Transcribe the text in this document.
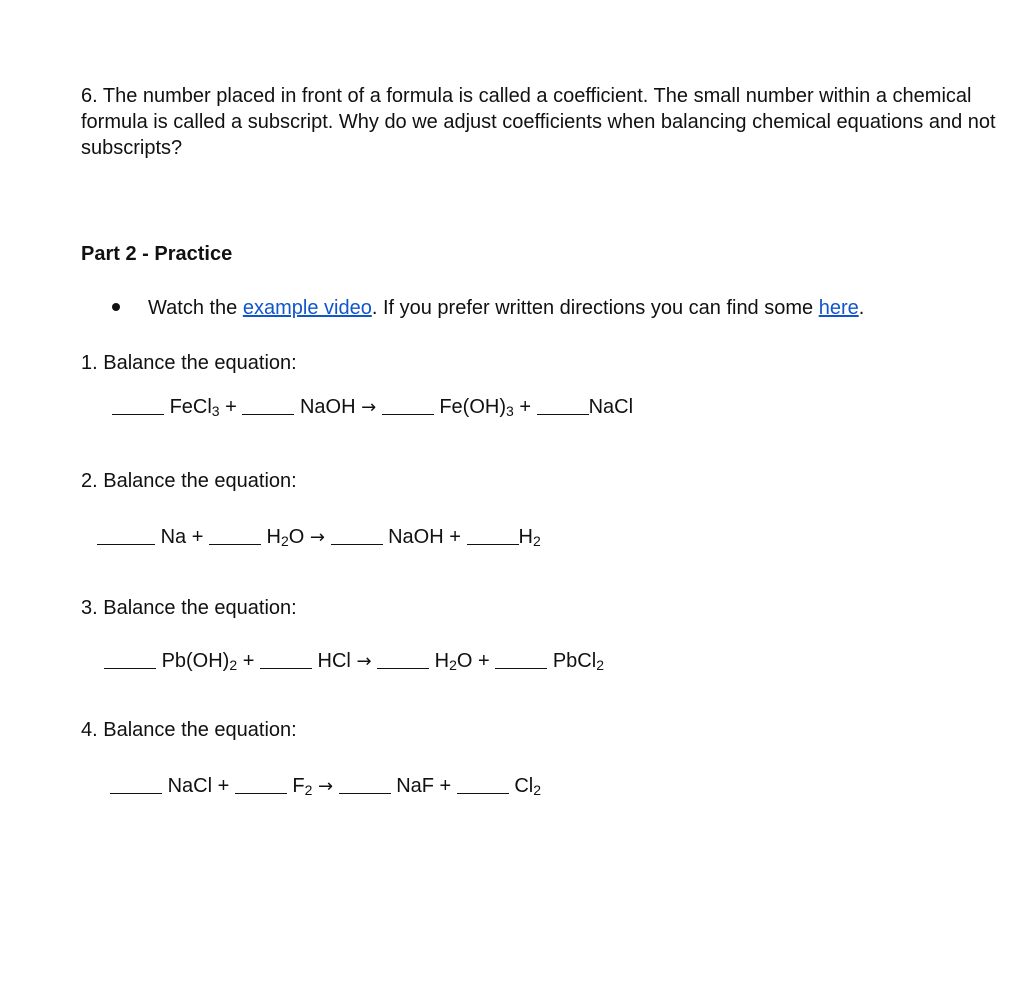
6. The number placed in front of a formula is called a coefficient. The small number within a chemical formula is called a subscript. Why do we adjust coefficients when balancing chemical equations and not subscripts?
Part 2 - Practice
Watch the example video. If you prefer written directions you can find some here.
1. Balance the equation:
FeCl$_3$ +	NaOH →	$Fe(OH)_3$ +	NaCl
2. Balance the equation:
Na +	$H_2O$ →	NaOH +	$H_2$
3. Balance the equation:
$Pb(OH)_2$ +	HCl →	$H_2O$ +	PbCl$_2$
4. Balance the equation:
NaCl +	$F_2$ →	NaF +	$Cl_2$
